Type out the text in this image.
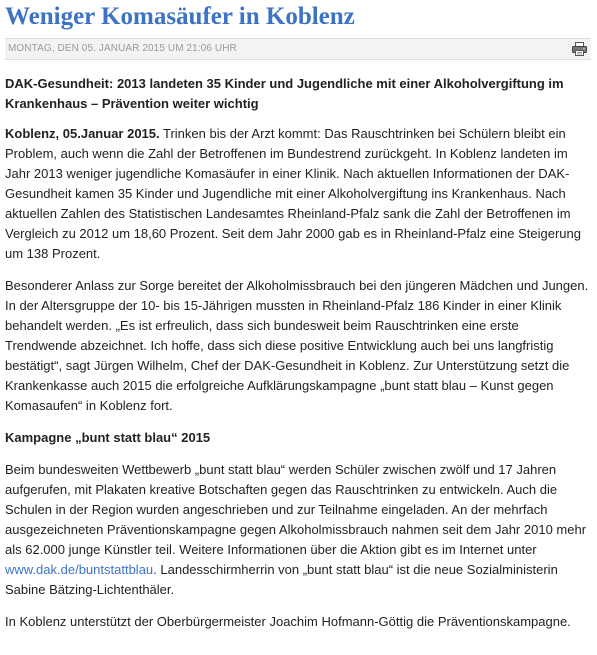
Weniger Komasäufer in Koblenz
MONTAG, DEN 05. JANUAR 2015 UM 21:06 UHR

DAK-Gesundheit: 2013 landeten 35 Kinder und Jugendliche mit einer Alkoholvergiftung im Krankenhaus – Prävention weiter wichtig

Koblenz, 05.Januar 2015. Trinken bis der Arzt kommt: Das Rauschtrinken bei Schülern bleibt ein Problem, auch wenn die Zahl der Betroffenen im Bundestrend zurückgeht. In Koblenz landeten im Jahr 2013 weniger jugendliche Komasäufer in einer Klinik. Nach aktuellen Informationen der DAK-Gesundheit kamen 35 Kinder und Jugendliche mit einer Alkoholvergiftung ins Krankenhaus. Nach aktuellen Zahlen des Statistischen Landesamtes Rheinland-Pfalz sank die Zahl der Betroffenen im Vergleich zu 2012 um 18,60 Prozent. Seit dem Jahr 2000 gab es in Rheinland-Pfalz eine Steigerung um 138 Prozent.

Besonderer Anlass zur Sorge bereitet der Alkoholmissbrauch bei den jüngeren Mädchen und Jungen. In der Altersgruppe der 10- bis 15-Jährigen mussten in Rheinland-Pfalz 186 Kinder in einer Klinik behandelt werden. „Es ist erfreulich, dass sich bundesweit beim Rauschtrinken eine erste Trendwende abzeichnet. Ich hoffe, dass sich diese positive Entwicklung auch bei uns langfristig bestätigt“, sagt Jürgen Wilhelm, Chef der DAK-Gesundheit in Koblenz. Zur Unterstützung setzt die Krankenkasse auch 2015 die erfolgreiche Aufklärungskampagne „bunt statt blau – Kunst gegen Komasaufen“ in Koblenz fort.

Kampagne „bunt statt blau“ 2015

Beim bundesweiten Wettbewerb „bunt statt blau“ werden Schüler zwischen zwölf und 17 Jahren aufgerufen, mit Plakaten kreative Botschaften gegen das Rauschtrinken zu entwickeln. Auch die Schulen in der Region wurden angeschrieben und zur Teilnahme eingeladen. An der mehrfach ausgezeichneten Präventionskampagne gegen Alkoholmissbrauch nahmen seit dem Jahr 2010 mehr als 62.000 junge Künstler teil. Weitere Informationen über die Aktion gibt es im Internet unter www.dak.de/buntstattblau. Landesschirmherrin von „bunt statt blau“ ist die neue Sozialministerin Sabine Bätzing-Lichtenthäler.

In Koblenz unterstützt der Oberbürgermeister Joachim Hofmann-Göttig die Präventionskampagne.
